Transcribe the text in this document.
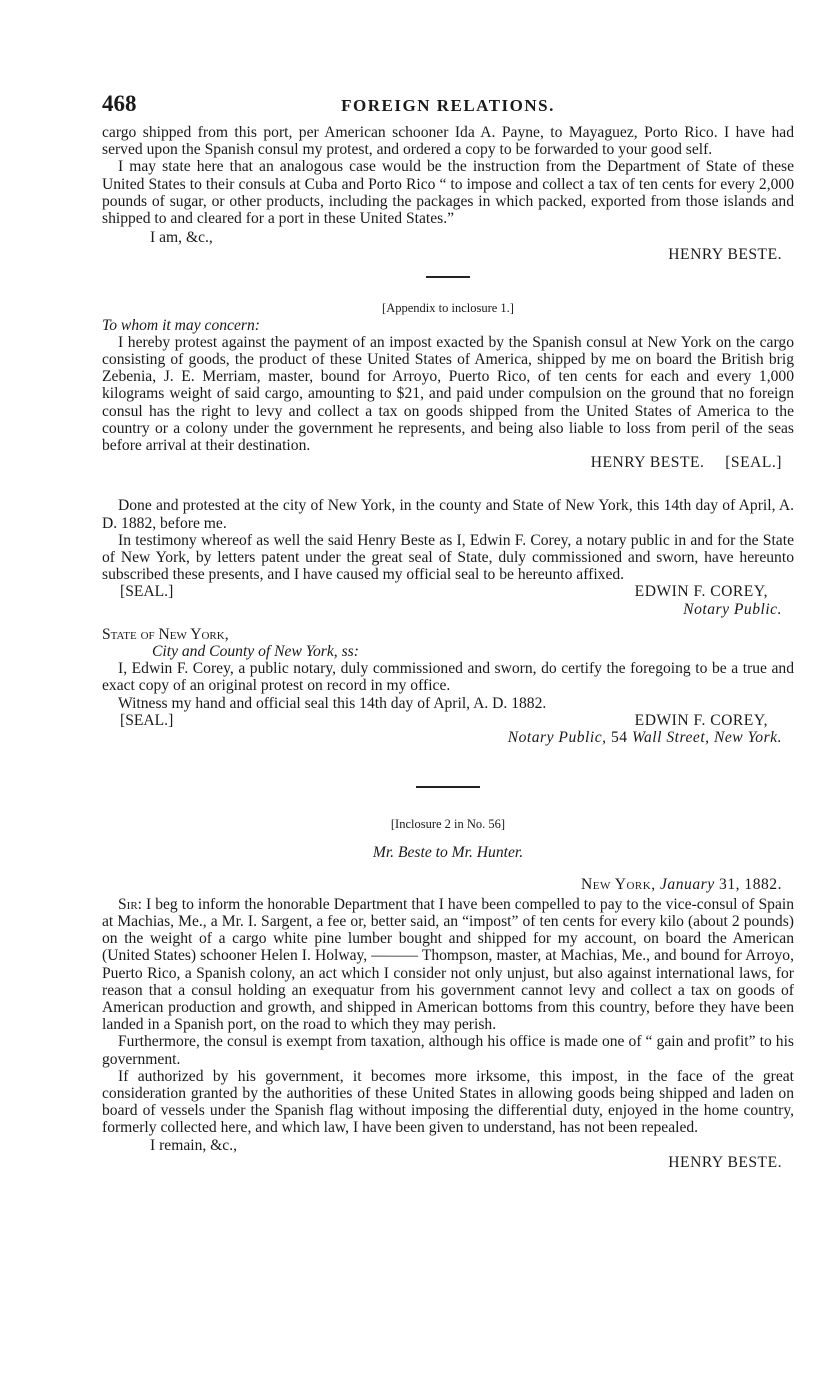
468	FOREIGN RELATIONS.

cargo shipped from this port, per American schooner Ida A. Payne, to Mayaguez, Porto Rico. I have had served upon the Spanish consul my protest, and ordered a copy to be forwarded to your good self.

I may state here that an analogous case would be the instruction from the Department of State of these United States to their consuls at Cuba and Porto Rico “ to impose and collect a tax of ten cents for every 2,000 pounds of sugar, or other products, including the packages in which packed, exported from those islands and shipped to and cleared for a port in these United States.”

I am, &c.,
HENRY BESTE.

[Appendix to inclosure 1.]

To whom it may concern:

I hereby protest against the payment of an impost exacted by the Spanish consul at New York on the cargo consisting of goods, the product of these United States of America, shipped by me on board the British brig Zebenia, J. E. Merriam, master, bound for Arroyo, Puerto Rico, of ten cents for each and every 1,000 kilograms weight of said cargo, amounting to $21, and paid under compulsion on the ground that no foreign consul has the right to levy and collect a tax on goods shipped from the United States of America to the country or a colony under the government he represents, and being also liable to loss from peril of the seas before arrival at their destination.

HENRY BESTE. [SEAL.]

Done and protested at the city of New York, in the county and State of New York, this 14th day of April, A. D. 1882, before me.

In testimony whereof as well the said Henry Beste as I, Edwin F. Corey, a notary public in and for the State of New York, by letters patent under the great seal of State, duly commissioned and sworn, have hereunto subscribed these presents, and I have caused my official seal to be hereunto affixed.

[SEAL.]	EDWIN F. COREY,
Notary Public.

State of New York,

City and County of New York, ss:

I, Edwin F. Corey, a public notary, duly commissioned and sworn, do certify the foregoing to be a true and exact copy of an original protest on record in my office.

Witness my hand and official seal this 14th day of April, A. D. 1882.

[SEAL.]	EDWIN F. COREY,
Notary Public, 54 Wall Street, New York.

[Inclosure 2 in No. 56]

Mr. Beste to Mr. Hunter.

New York, January 31, 1882.

Sir: I beg to inform the honorable Department that I have been compelled to pay to the vice-consul of Spain at Machias, Me., a Mr. I. Sargent, a fee or, better said, an “impost” of ten cents for every kilo (about 2 pounds) on the weight of a cargo white pine lumber bought and shipped for my account, on board the American (United States) schooner Helen I. Holway, ——— Thompson, master, at Machias, Me., and bound for Arroyo, Puerto Rico, a Spanish colony, an act which I consider not only unjust, but also against international laws, for reason that a consul holding an exequatur from his government cannot levy and collect a tax on goods of American production and growth, and shipped in American bottoms from this country, before they have been landed in a Spanish port, on the road to which they may perish.

Furthermore, the consul is exempt from taxation, although his office is made one of “ gain and profit” to his government.

If authorized by his government, it becomes more irksome, this impost, in the face of the great consideration granted by the authorities of these United States in allowing goods being shipped and laden on board of vessels under the Spanish flag without imposing the differential duty, enjoyed in the home country, formerly collected here, and which law, I have been given to understand, has not been repealed.

I remain, &c.,
HENRY BESTE.
